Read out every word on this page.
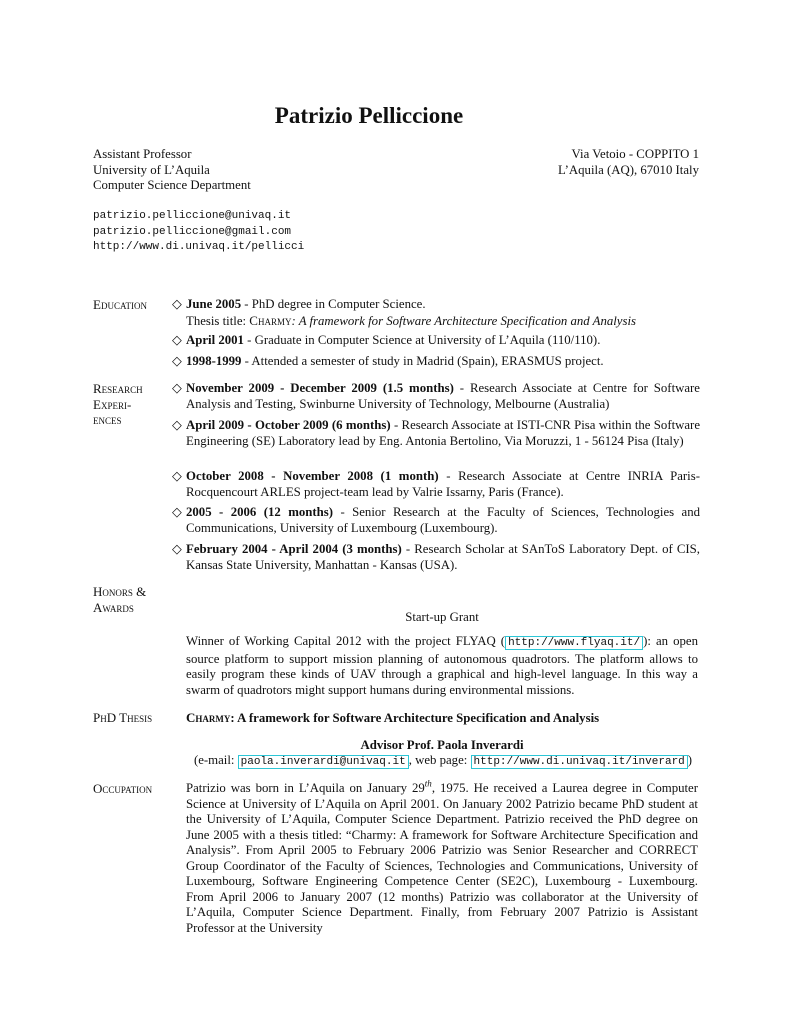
Patrizio Pelliccione
Assistant Professor
University of L’Aquila
Computer Science Department
Via Vetoio - COPPITO 1
L’Aquila (AQ), 67010 Italy
patrizio.pelliccione@univaq.it
patrizio.pelliccione@gmail.com
http://www.di.univaq.it/pellicci
Education	◇ June 2005 - PhD degree in Computer Science.
Thesis title: Charmy: A framework for Software Architecture Specification and Analysis
◇ April 2001 - Graduate in Computer Science at University of L’Aquila (110/110).
◇ 1998-1999 - Attended a semester of study in Madrid (Spain), ERASMUS project.
Research
Experi-
ences
◇ November 2009 - December 2009 (1.5 months) - Research Associate at Centre for Software Analysis and Testing, Swinburne University of Technology, Melbourne (Australia)
◇ April 2009 - October 2009 (6 months) - Research Associate at ISTI-CNR Pisa within the Software Engineering (SE) Laboratory lead by Eng. Antonia Bertolino, Via Moruzzi, 1 - 56124 Pisa (Italy)
◇ October 2008 - November 2008 (1 month) - Research Associate at Centre INRIA Paris-Rocquencourt ARLES project-team lead by Valrie Issarny, Paris (France).
◇ 2005 - 2006 (12 months) - Senior Research at the Faculty of Sciences, Technologies and Communications, University of Luxembourg (Luxembourg).
◇ February 2004 - April 2004 (3 months) - Research Scholar at SAnToS Laboratory Dept. of CIS, Kansas State University, Manhattan - Kansas (USA).
Honors &
Awards
Start-up Grant
Winner of Working Capital 2012 with the project FLYAQ ( http://www.flyaq.it/ ): an open source platform to support mission planning of autonomous quadrotors. The platform allows to easily program these kinds of UAV through a graphical and high-level language. In this way a swarm of quadrotors might support humans during environmental missions.
PhD Thesis	Charmy: A framework for Software Architecture Specification and Analysis
Advisor Prof. Paola Inverardi
(e-mail: paola.inverardi@univaq.it , web page: http://www.di.univaq.it/inverard )
Occupation	Patrizio was born in L’Aquila on January 29th, 1975. He received a Laurea degree in Computer Science at University of L’Aquila on April 2001. On January 2002 Patrizio became PhD student at the University of L’Aquila, Computer Science Department. Patrizio received the PhD degree on June 2005 with a thesis titled: “Charmy: A framework for Software Architecture Specification and Analysis”. From April 2005 to February 2006 Patrizio was Senior Researcher and CORRECT Group Coordinator of the Faculty of Sciences, Technologies and Communications, University of Luxembourg, Software Engineering Competence Center (SE2C), Luxembourg - Luxembourg. From April 2006 to January 2007 (12 months) Patrizio was collaborator at the University of L’Aquila, Computer Science Department. Finally, from February 2007 Patrizio is Assistant Professor at the University
